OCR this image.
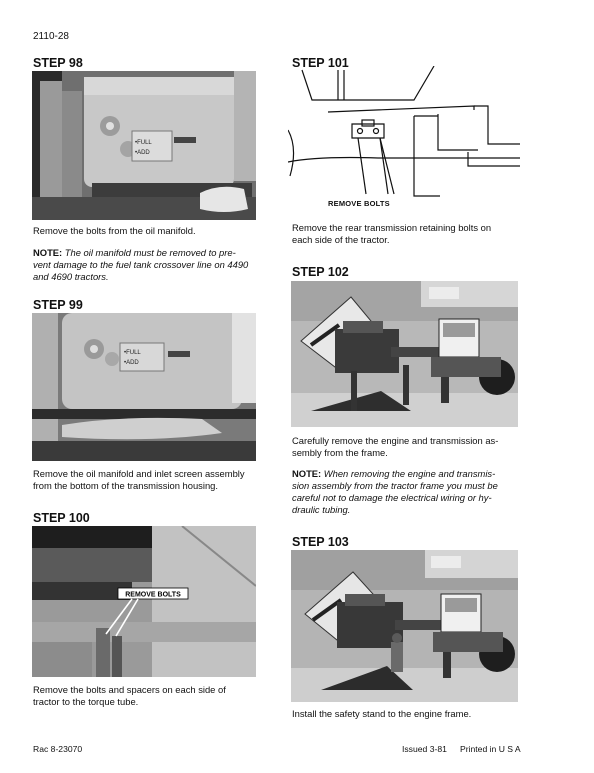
2110-28
STEP 98
•FULL
•ADD
Remove the bolts from the oil manifold.
NOTE: The oil manifold must be removed to pre-
vent damage to the fuel tank crossover line on 4490
and 4690 tractors.
STEP 99
•FULL
•ADD
Remove the oil manifold and inlet screen assembly
from the bottom of the transmission housing.
STEP 100
REMOVE BOLTS
Remove the bolts and spacers on each side of
tractor to the torque tube.
STEP 101
REMOVE BOLTS
Remove the rear transmission retaining bolts on
each side of the tractor.
STEP 102
Carefully remove the engine and transmission as-
sembly from the frame.
NOTE: When removing the engine and transmis-
sion assembly from the tractor frame you must be
careful not to damage the electrical wiring or hy-
draulic tubing.
STEP 103
Install the safety stand to the engine frame.
Rac 8-23070	Issued 3-81 Printed in U S A
